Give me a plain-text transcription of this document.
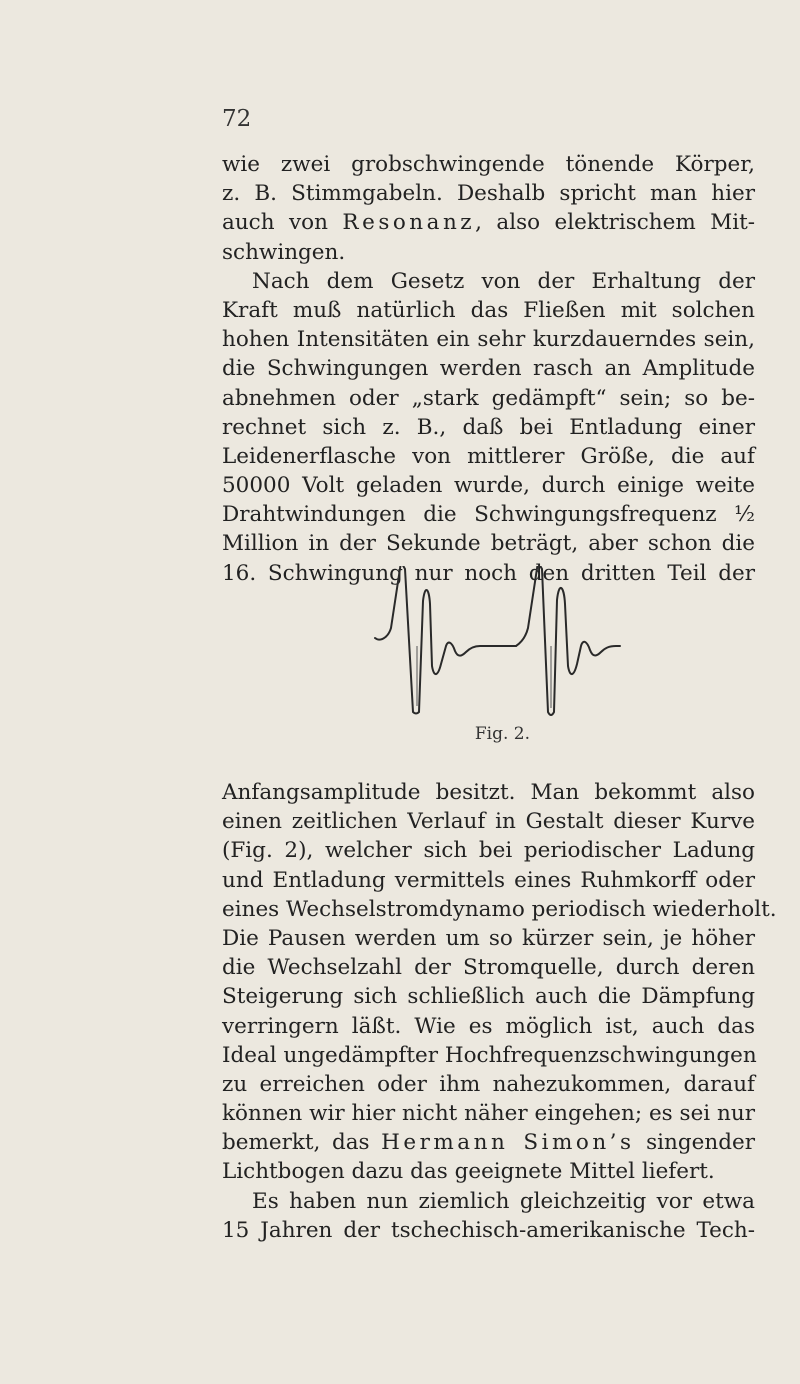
72
wie zwei grobschwingende tönende Körper,
z. B. Stimmgabeln. Deshalb spricht man hier
auch von Resonanz, also elektrischem Mit-
schwingen.
Nach dem Gesetz von der Erhaltung der
Kraft muß natürlich das Fließen mit solchen
hohen Intensitäten ein sehr kurzdauerndes sein,
die Schwingungen werden rasch an Amplitude
abnehmen oder „stark gedämpft“ sein; so be-
rechnet sich z. B., daß bei Entladung einer
Leidenerflasche von mittlerer Größe, die auf
50000 Volt geladen wurde, durch einige weite
Drahtwindungen die Schwingungsfrequenz ½
Million in der Sekunde beträgt, aber schon die
16. Schwingung nur noch den dritten Teil der
Fig. 2.
Anfangsamplitude besitzt. Man bekommt also
einen zeitlichen Verlauf in Gestalt dieser Kurve
(Fig. 2), welcher sich bei periodischer Ladung
und Entladung vermittels eines Ruhmkorff oder
eines Wechselstromdynamo periodisch wiederholt.
Die Pausen werden um so kürzer sein, je höher
die Wechselzahl der Stromquelle, durch deren
Steigerung sich schließlich auch die Dämpfung
verringern läßt. Wie es möglich ist, auch das
Ideal ungedämpfter Hochfrequenzschwingungen
zu erreichen oder ihm nahezukommen, darauf
können wir hier nicht näher eingehen; es sei nur
bemerkt, das Hermann Simon’s singender
Lichtbogen dazu das geeignete Mittel liefert.
Es haben nun ziemlich gleichzeitig vor etwa
15 Jahren der tschechisch-amerikanische Tech-
